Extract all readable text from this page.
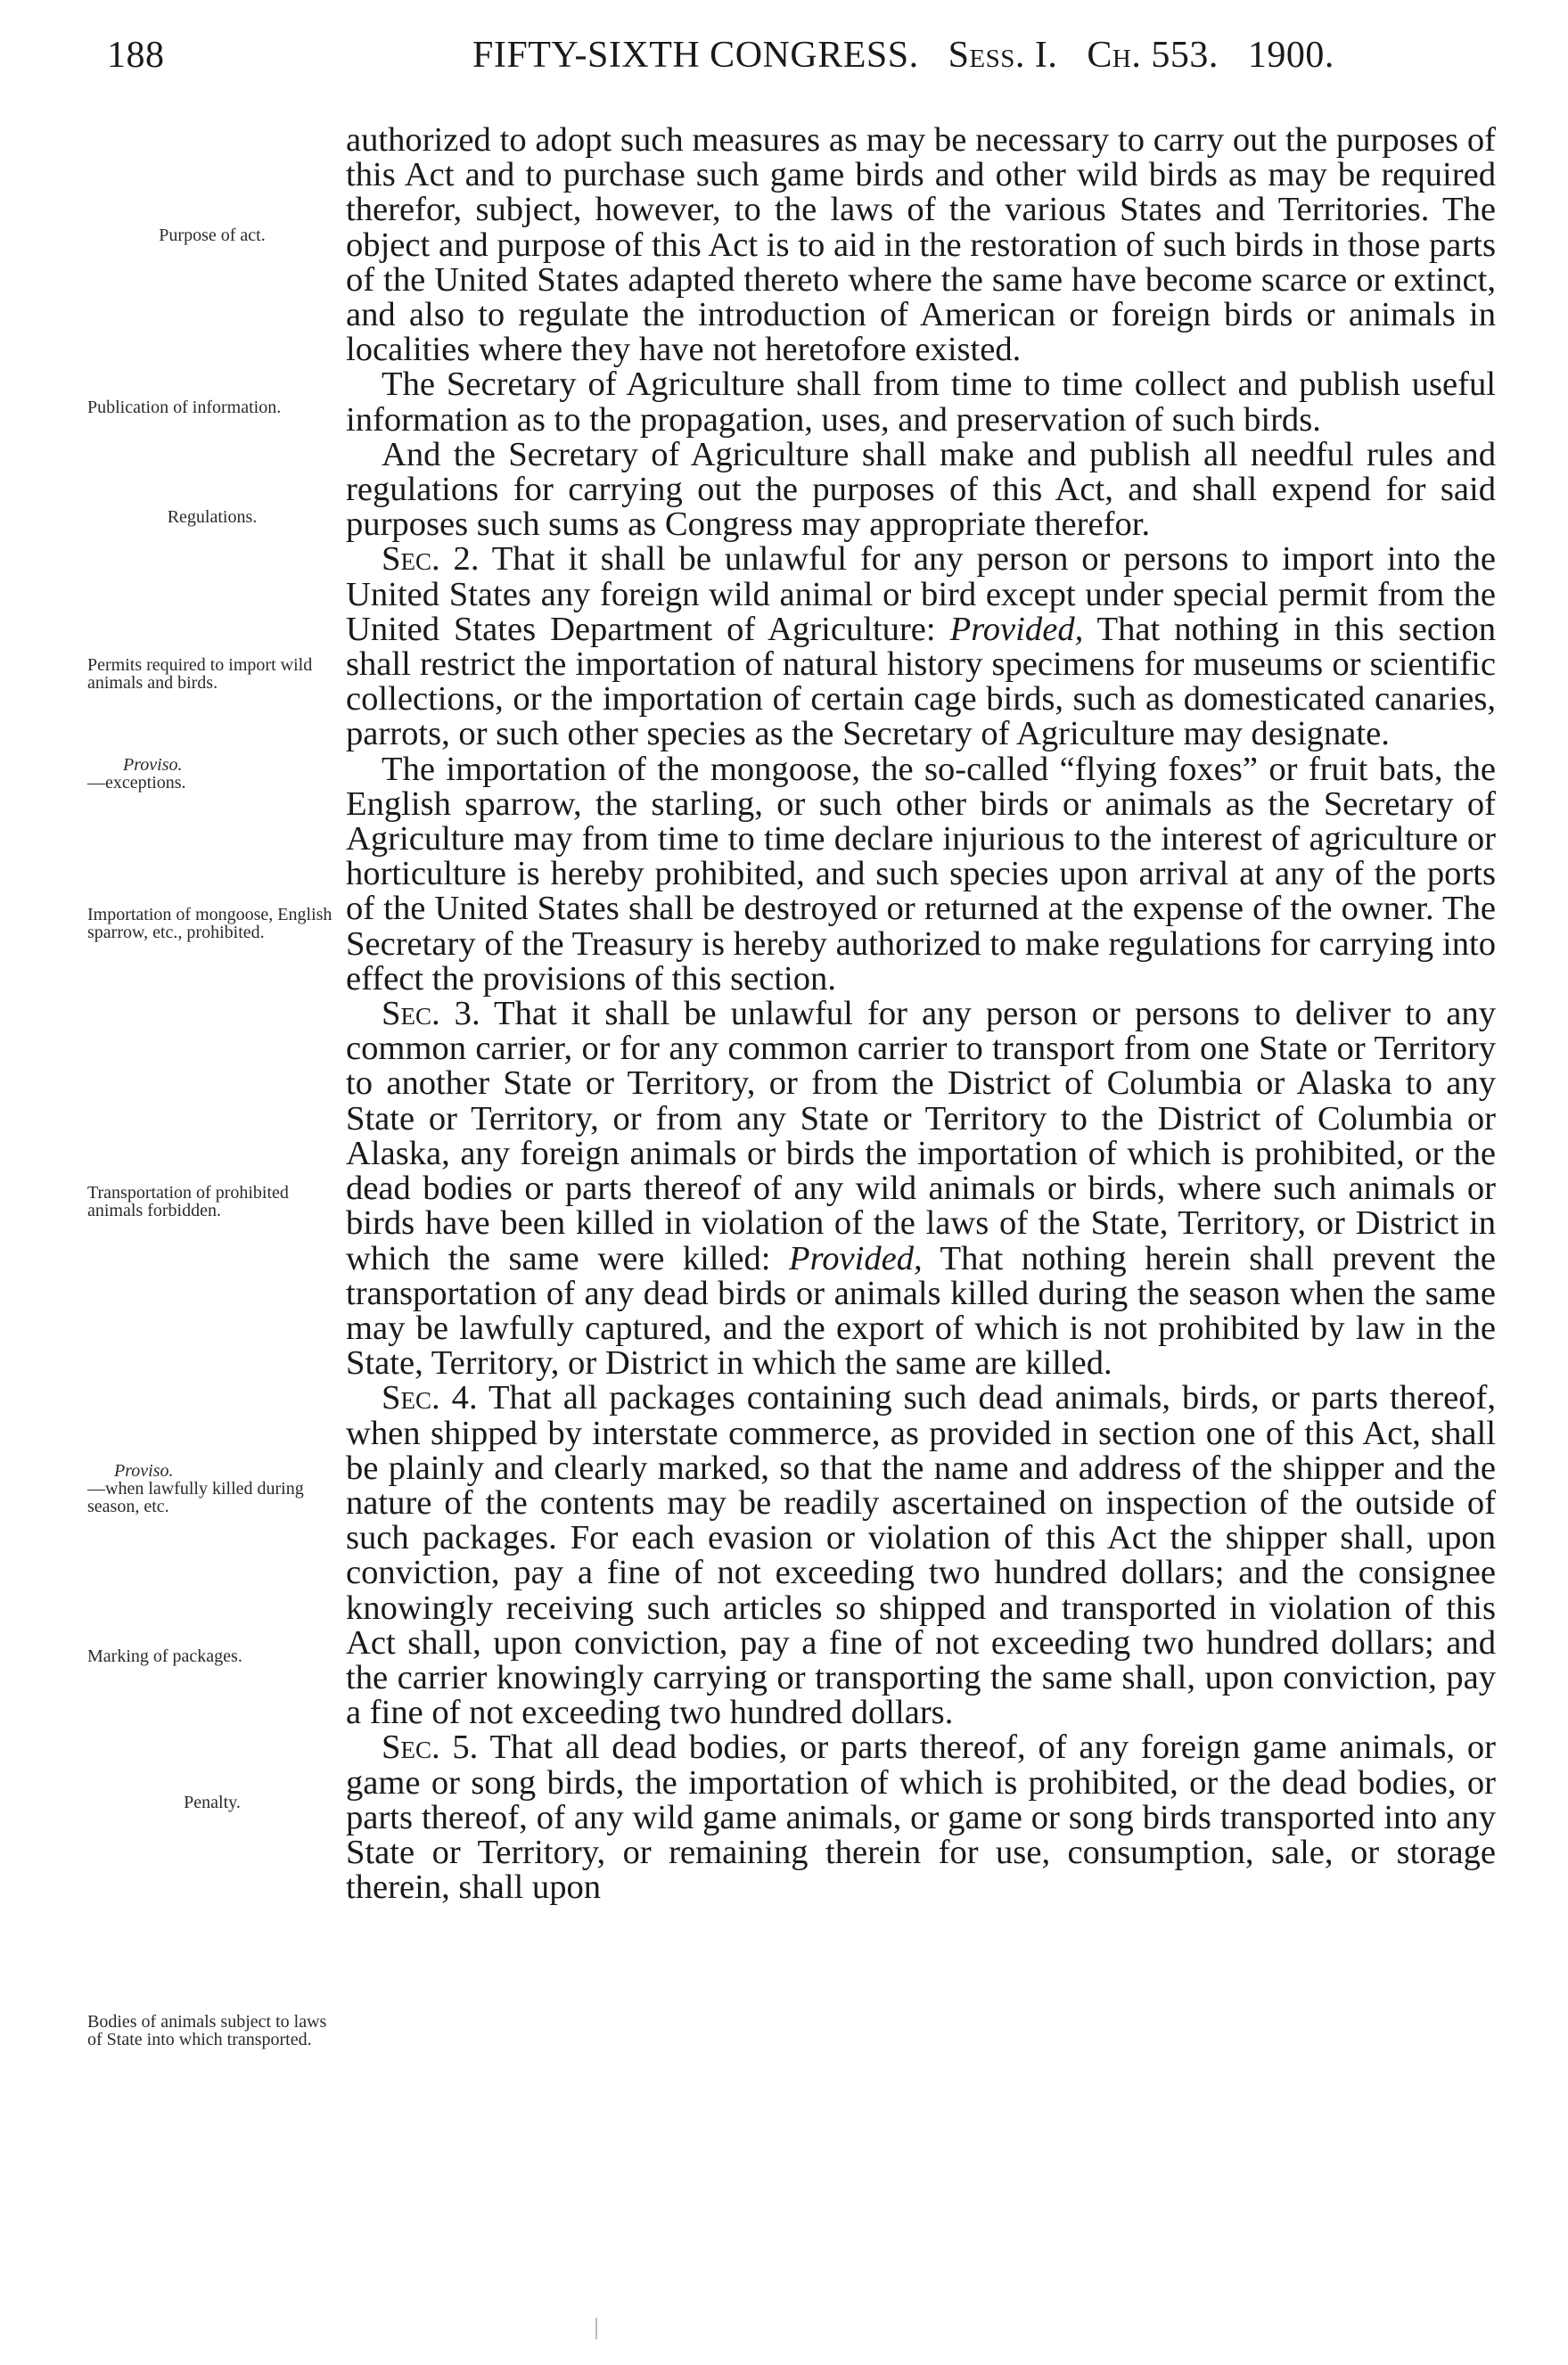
188	FIFTY-SIXTH CONGRESS. Sess. I. Ch. 553. 1900.
Purpose of act.
Publication of information.
Regulations.
Permits required to import wild animals and birds.
Proviso.
—exceptions.
Importation of mongoose, English sparrow, etc., prohibited.
Transportation of prohibited animals forbidden.
Proviso.
—when lawfully killed during season, etc.
Marking of packages.
Penalty.
Bodies of animals subject to laws of State into which transported.

authorized to adopt such measures as may be necessary to carry out the purposes of this Act and to purchase such game birds and other wild birds as may be required therefor, subject, however, to the laws of the various States and Territories. The object and purpose of this Act is to aid in the restoration of such birds in those parts of the United States adapted thereto where the same have become scarce or extinct, and also to regulate the introduction of American or foreign birds or animals in localities where they have not heretofore existed.

The Secretary of Agriculture shall from time to time collect and publish useful information as to the propagation, uses, and preservation of such birds.

And the Secretary of Agriculture shall make and publish all needful rules and regulations for carrying out the purposes of this Act, and shall expend for said purposes such sums as Congress may appropriate therefor.

Sec. 2. That it shall be unlawful for any person or persons to import into the United States any foreign wild animal or bird except under special permit from the United States Department of Agriculture: Provided, That nothing in this section shall restrict the importation of natural history specimens for museums or scientific collections, or the importation of certain cage birds, such as domesticated canaries, parrots, or such other species as the Secretary of Agriculture may designate.

The importation of the mongoose, the so-called “flying foxes” or fruit bats, the English sparrow, the starling, or such other birds or animals as the Secretary of Agriculture may from time to time declare injurious to the interest of agriculture or horticulture is hereby prohibited, and such species upon arrival at any of the ports of the United States shall be destroyed or returned at the expense of the owner. The Secretary of the Treasury is hereby authorized to make regulations for carrying into effect the provisions of this section.

Sec. 3. That it shall be unlawful for any person or persons to deliver to any common carrier, or for any common carrier to transport from one State or Territory to another State or Territory, or from the District of Columbia or Alaska to any State or Territory, or from any State or Territory to the District of Columbia or Alaska, any foreign animals or birds the importation of which is prohibited, or the dead bodies or parts thereof of any wild animals or birds, where such animals or birds have been killed in violation of the laws of the State, Territory, or District in which the same were killed: Provided, That nothing herein shall prevent the transportation of any dead birds or animals killed during the season when the same may be lawfully captured, and the export of which is not prohibited by law in the State, Territory, or District in which the same are killed.

Sec. 4. That all packages containing such dead animals, birds, or parts thereof, when shipped by interstate commerce, as provided in section one of this Act, shall be plainly and clearly marked, so that the name and address of the shipper and the nature of the contents may be readily ascertained on inspection of the outside of such packages. For each evasion or violation of this Act the shipper shall, upon conviction, pay a fine of not exceeding two hundred dollars; and the consignee knowingly receiving such articles so shipped and transported in violation of this Act shall, upon conviction, pay a fine of not exceeding two hundred dollars; and the carrier knowingly carrying or transporting the same shall, upon conviction, pay a fine of not exceeding two hundred dollars.

Sec. 5. That all dead bodies, or parts thereof, of any foreign game animals, or game or song birds, the importation of which is prohibited, or the dead bodies, or parts thereof, of any wild game animals, or game or song birds transported into any State or Territory, or remaining therein for use, consumption, sale, or storage therein, shall upon
